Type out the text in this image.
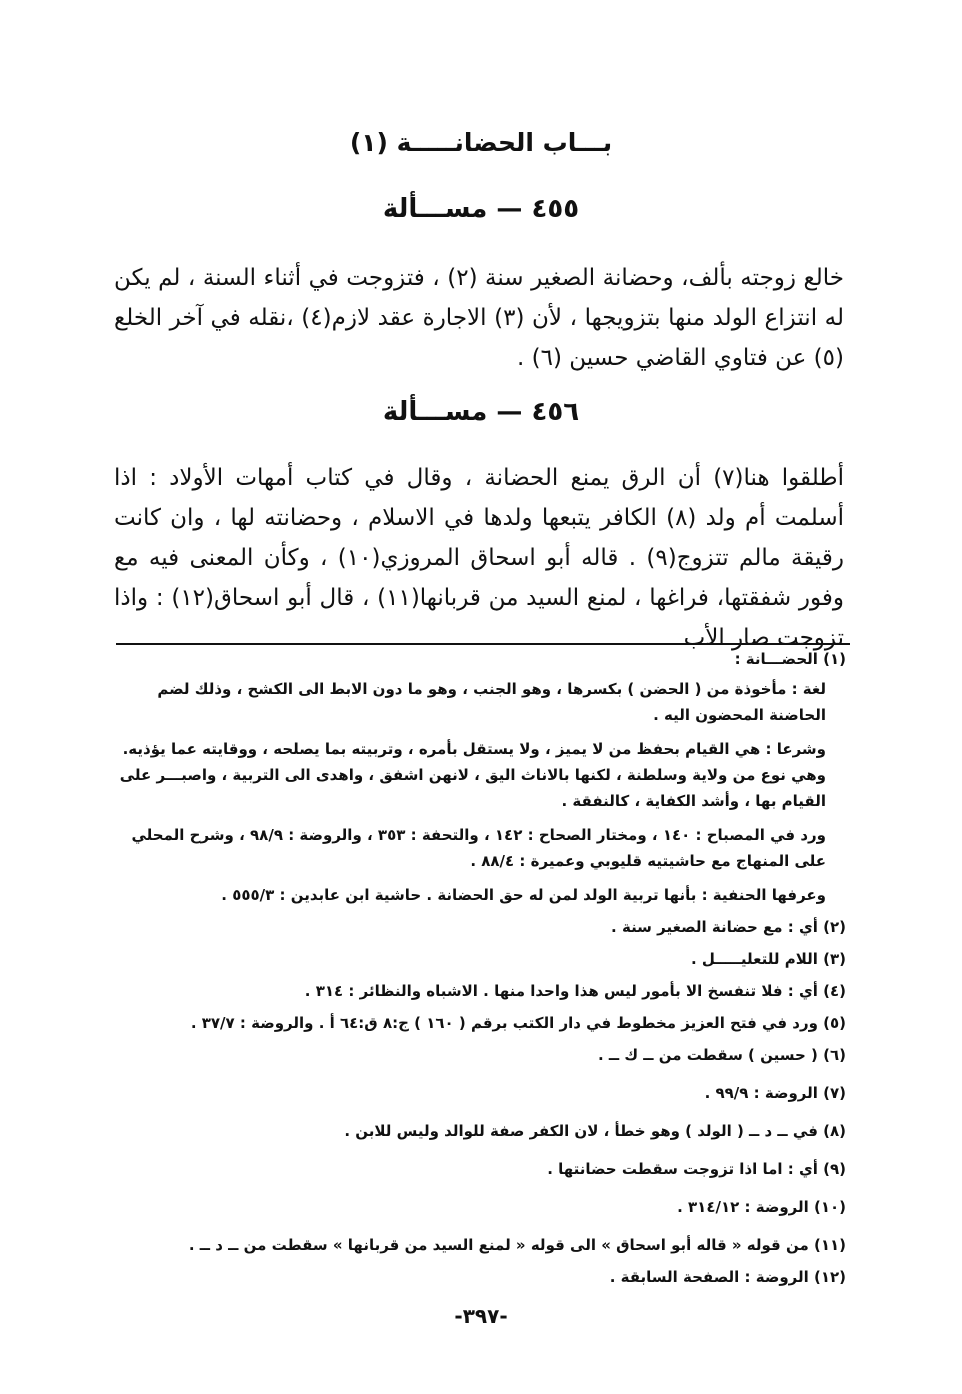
بـــاب الحضانـــــة (١)
٤٥٥ — مســـألة
خالع زوجته بألف، وحضانة الصغير سنة (٢) ، فتزوجت في أثناء السنة ، لم يكن له انتزاع الولد منها بتزويجها ، لأن (٣) الاجارة عقد لازم(٤) ،نقله في آخر الخلع (٥) عن فتاوي القاضي حسين (٦) .
٤٥٦ — مســـألة
أطلقوا هنا(٧) أن الرق يمنع الحضانة ، وقال في كتاب أمهات الأولاد : اذا أسلمت أم ولد (٨) الكافر يتبعها ولدها في الاسلام ، وحضانته لها ، وان كانت رقيقة مالم تتزوج(٩) . قاله أبو اسحاق المروزي(١٠) ، وكأن المعنى فيه مع وفور شفقتها، فراغها ، لمنع السيد من قربانها(١١) ، قال أبو اسحاق(١٢) : واذا تزوجت صار الأب

(١) الحضـــانة :

لغة : مأخوذة من ( الحضن ) بكسرها ، وهو الجنب ، وهو ما دون الابط الى الكشح ، وذلك لضم الحاضنة المحضون اليه .

وشرعا : هي القيام بحفظ من لا يميز ، ولا يستقل بأمره ، وتربيته بما يصلحه ، ووقايته عما يؤذيه. وهي نوع من ولاية وسلطنة ، لكنها بالاناث اليق ، لانهن اشفق ، واهدى الى التربية ، واصبـــر على القيام بها ، وأشد الكفاية ، كالنفقة .

ورد في المصباح : ١٤٠ ، ومختار الصحاح : ١٤٢ ، والتحفة : ٣٥٣ ، والروضة : ٩٨/٩ ، وشرح المحلي على المنهاج مع حاشيتيه قليوبي وعميرة : ٨٨/٤ .

وعرفها الحنفية : بأنها تربية الولد لمن له حق الحضانة . حاشية ابن عابدين : ٥٥٥/٣ .

(٢) أي : مع حضانة الصغير سنة .

(٣) اللام للتعليـــــل .

(٤) أي : فلا تنفسخ الا بأمور ليس هذا واحدا منها . الاشباه والنظائر : ٣١٤ .

(٥) ورد في فتح العزيز مخطوط في دار الكتب برقم ( ١٦٠ ) ج:٨ ق:٦٤ أ . والروضة : ٣٧/٧ .

(٦) ( حسين ) سقطت من ــ ك ــ .

(٧) الروضة : ٩٩/٩ .

(٨) في ــ د ــ ( الولد ) وهو خطأ ، لان الكفر صفة للوالد وليس للابن .

(٩) أي : اما اذا تزوجت سقطت حضانتها .

(١٠) الروضة : ٣١٤/١٢ .

(١١) من قوله « قاله أبو اسحاق » الى قوله « لمنع السيد من قربانها » سقطت من ــ د ــ .

(١٢) الروضة : الصفحة السابقة .

-٣٩٧-
